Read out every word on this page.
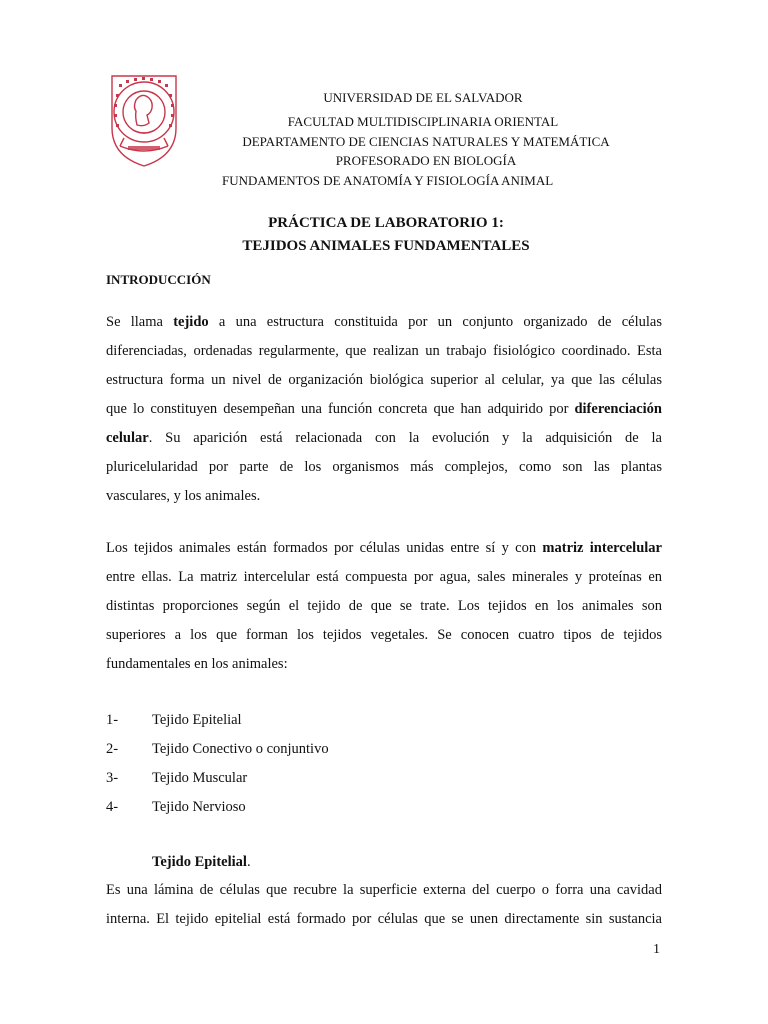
UNIVERSIDAD DE EL SALVADOR
FACULTAD MULTIDISCIPLINARIA ORIENTAL
DEPARTAMENTO DE CIENCIAS NATURALES Y MATEMÁTICA
PROFESORADO EN BIOLOGÍA
FUNDAMENTOS DE ANATOMÍA Y FISIOLOGÍA ANIMAL
PRÁCTICA DE LABORATORIO 1:
TEJIDOS ANIMALES FUNDAMENTALES
INTRODUCCIÓN
Se llama tejido a una estructura constituida por un conjunto organizado de células
diferenciadas, ordenadas regularmente, que realizan un trabajo fisiológico coordinado. Esta
estructura forma un nivel de organización biológica superior al celular, ya que las células
que lo constituyen desempeñan una función concreta que han adquirido por diferenciación
celular. Su aparición está relacionada con la evolución y la adquisición de la
pluricelularidad por parte de los organismos más complejos, como son las plantas
vasculares, y los animales.
Los tejidos animales están formados por células unidas entre sí y con matriz intercelular
entre ellas. La matriz intercelular está compuesta por agua, sales minerales y proteínas en
distintas proporciones según el tejido de que se trate. Los tejidos en los animales son
superiores a los que forman los tejidos vegetales. Se conocen cuatro tipos de tejidos
fundamentales en los animales:
1- Tejido Epitelial
2- Tejido Conectivo o conjuntivo
3- Tejido Muscular
4- Tejido Nervioso
Tejido Epitelial.
Es una lámina de células que recubre la superficie externa del cuerpo o forra una cavidad
interna. El tejido epitelial está formado por células que se unen directamente sin sustancia
1
